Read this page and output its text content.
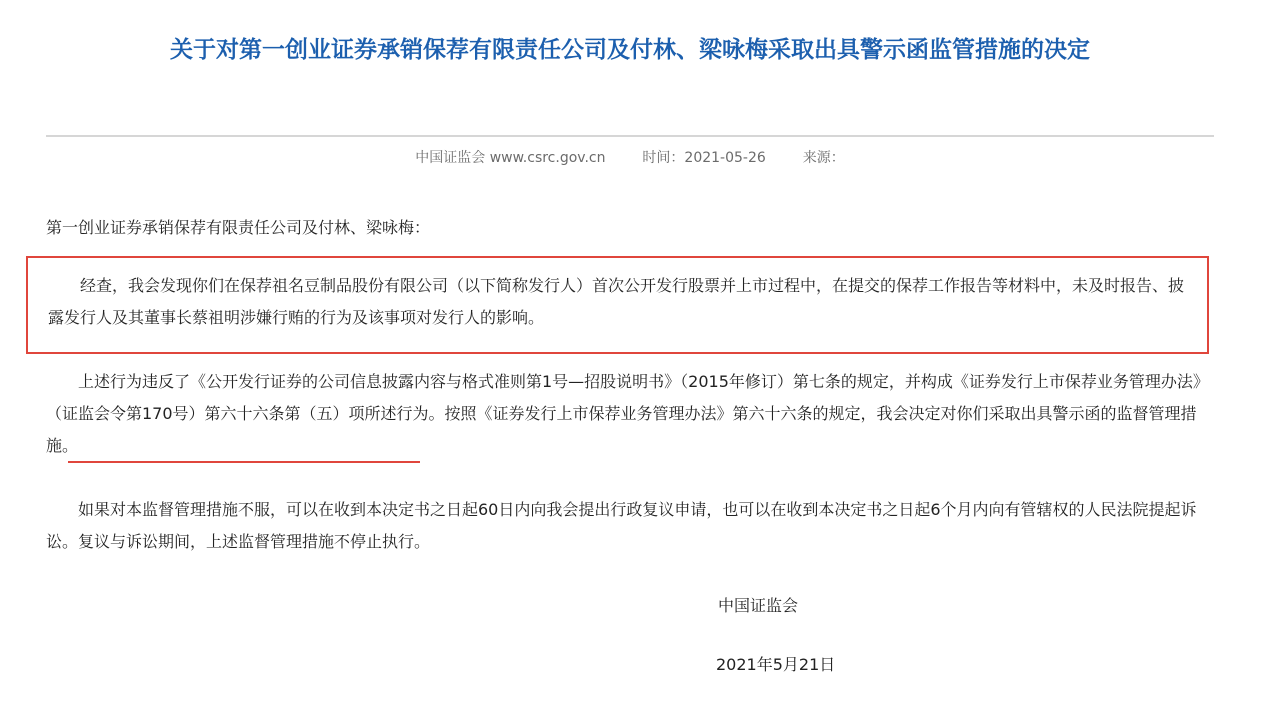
关于对第一创业证券承销保荐有限责任公司及付林、梁咏梅采取出具警示函监管措施的决定
中国证监会 www.csrc.gov.cn	时间：2021-05-26	来源：
第一创业证券承销保荐有限责任公司及付林、梁咏梅：

经查，我会发现你们在保荐祖名豆制品股份有限公司（以下简称发行人）首次公开发行股票并上市过程中，在提交的保荐工作报告等材料中，未及时报告、披露发行人及其董事长蔡祖明涉嫌行贿的行为及该事项对发行人的影响。

上述行为违反了《公开发行证券的公司信息披露内容与格式准则第1号—招股说明书》（2015年修订）第七条的规定，并构成《证券发行上市保荐业务管理办法》（证监会令第170号）第六十六条第（五）项所述行为。按照《证券发行上市保荐业务管理办法》第六十六条的规定，我会决定对你们采取出具警示函的监督管理措施。

如果对本监督管理措施不服，可以在收到本决定书之日起60日内向我会提出行政复议申请，也可以在收到本决定书之日起6个月内向有管辖权的人民法院提起诉讼。复议与诉讼期间，上述监督管理措施不停止执行。

中国证监会
2021年5月21日
